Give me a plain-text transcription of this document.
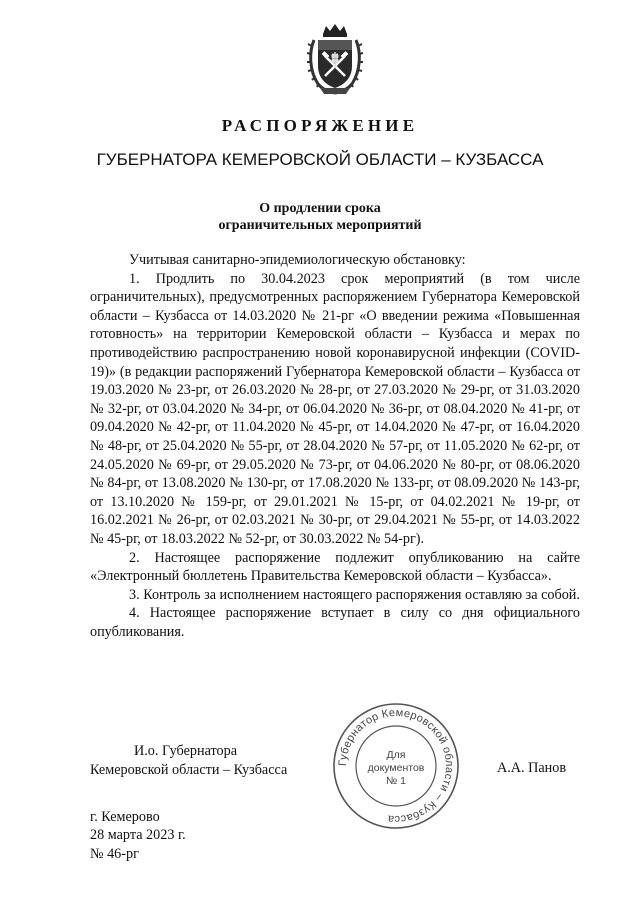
РАСПОРЯЖЕНИЕ
ГУБЕРНАТОРА КЕМЕРОВСКОЙ ОБЛАСТИ – КУЗБАССА
О продлении срока
ограничительных мероприятий

Учитывая санитарно-эпидемиологическую обстановку:

1. Продлить по 30.04.2023 срок мероприятий (в том числе ограничительных), предусмотренных распоряжением Губернатора Кемеровской области – Кузбасса от 14.03.2020 № 21-рг «О введении режима «Повышенная готовность» на территории Кемеровской области – Кузбасса и мерах по противодействию распространению новой коронавирусной инфекции (COVID-19)» (в редакции распоряжений Губернатора Кемеровской области – Кузбасса от 19.03.2020 № 23-рг, от 26.03.2020 № 28-рг, от 27.03.2020 № 29-рг, от 31.03.2020 № 32-рг, от 03.04.2020 № 34-рг, от 06.04.2020 № 36-рг, от 08.04.2020 № 41-рг, от 09.04.2020 № 42-рг, от 11.04.2020 № 45-рг, от 14.04.2020 № 47-рг, от 16.04.2020 № 48-рг, от 25.04.2020 № 55-рг, от 28.04.2020 № 57-рг, от 11.05.2020 № 62-рг, от 24.05.2020 № 69-рг, от 29.05.2020 № 73-рг, от 04.06.2020 № 80-рг, от 08.06.2020 № 84-рг, от 13.08.2020 № 130-рг, от 17.08.2020 № 133-рг, от 08.09.2020 № 143-рг, от 13.10.2020 № 159-рг, от 29.01.2021 № 15-рг, от 04.02.2021 № 19-рг, от 16.02.2021 № 26-рг, от 02.03.2021 № 30-рг, от 29.04.2021 № 55-рг, от 14.03.2022 № 45-рг, от 18.03.2022 № 52-рг, от 30.03.2022 № 54-рг).

2. Настоящее распоряжение подлежит опубликованию на сайте «Электронный бюллетень Правительства Кемеровской области – Кузбасса».

3. Контроль за исполнением настоящего распоряжения оставляю за собой.

4. Настоящее распоряжение вступает в силу со дня официального опубликования.

Губернатор Кемеровской области – Кузбасса
Для
документов
№ 1
И.о. Губернатора
Кемеровской области – Кузбасса	А.А. Панов
г. Кемерово
28 марта 2023 г.
№ 46-рг
